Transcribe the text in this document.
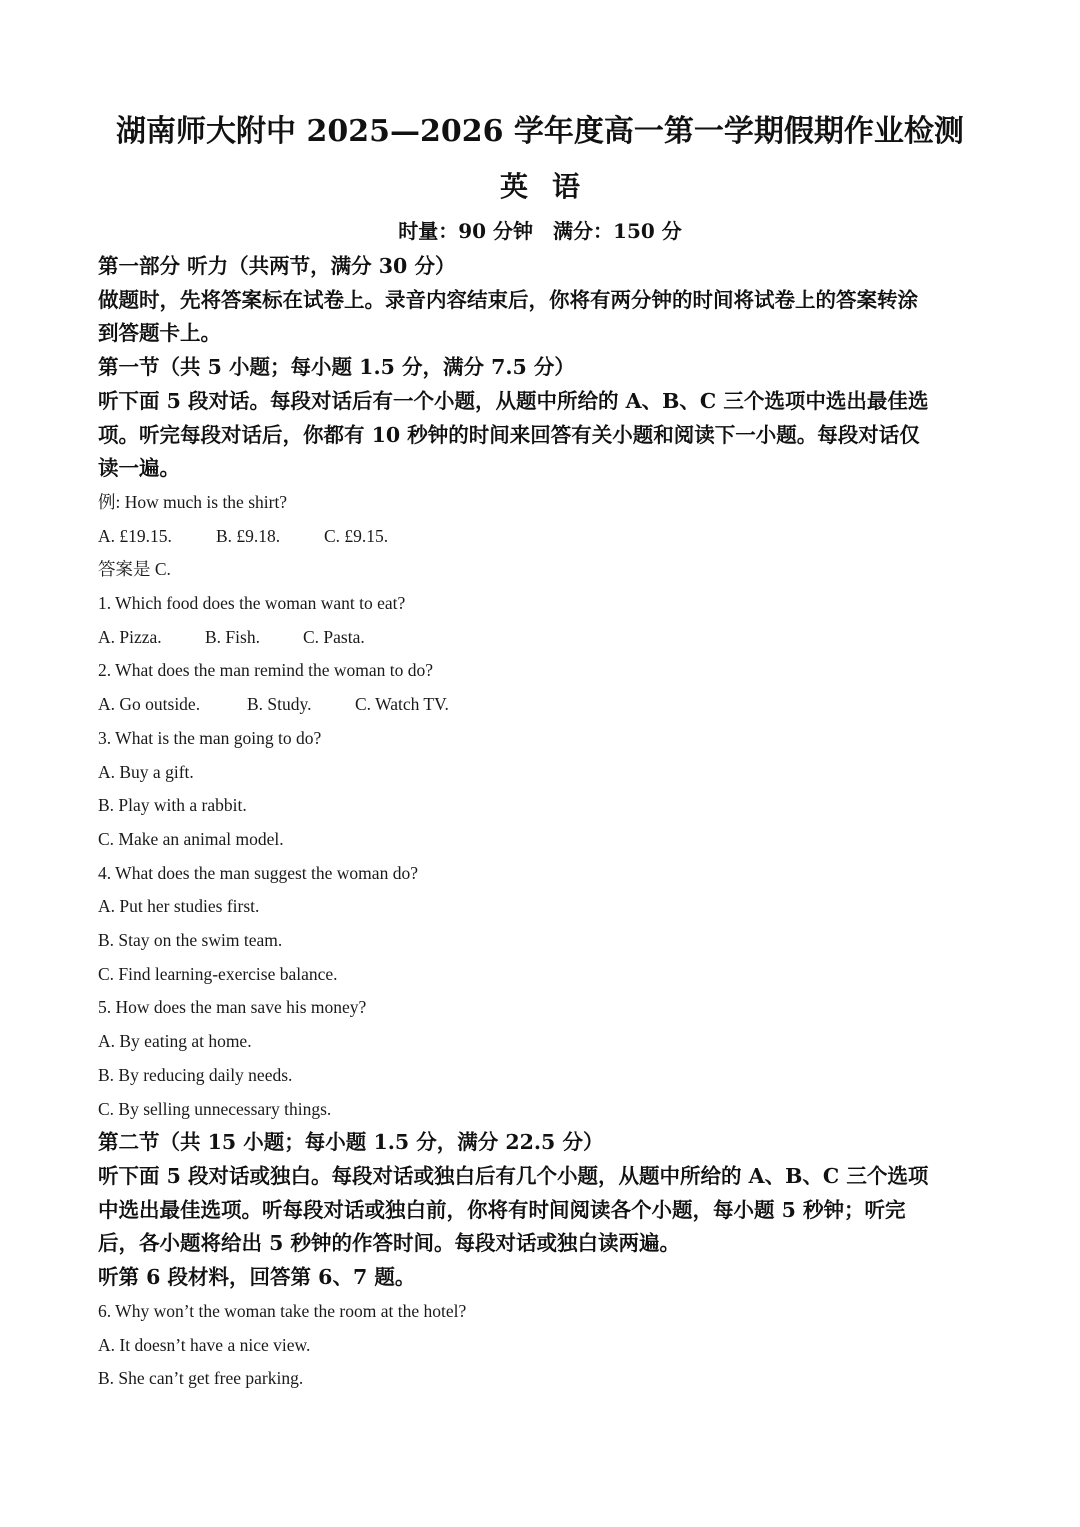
湖南师大附中 2025—2026 学年度高一第一学期假期作业检测
英语
时量：90 分钟　满分：150 分
第一部分 听力（共两节，满分 30 分）
做题时，先将答案标在试卷上。录音内容结束后，你将有两分钟的时间将试卷上的答案转涂
到答题卡上。
第一节（共 5 小题；每小题 1.5 分，满分 7.5 分）
听下面 5 段对话。每段对话后有一个小题，从题中所给的 A、B、C 三个选项中选出最佳选
项。听完每段对话后，你都有 10 秒钟的时间来回答有关小题和阅读下一小题。每段对话仅
读一遍。
例: How much is the shirt?
A. £19.15.	B. £9.18.	C. £9.15.
答案是 C.
1. Which food does the woman want to eat?
A. Pizza. B. Fish. C. Pasta.
2. What does the man remind the woman to do?
A. Go outside.	B. Study. C. Watch TV.
3. What is the man going to do?
A. Buy a gift.
B. Play with a rabbit.
C. Make an animal model.
4. What does the man suggest the woman do?
A. Put her studies first.
B. Stay on the swim team.
C. Find learning-exercise balance.
5. How does the man save his money?
A. By eating at home.
B. By reducing daily needs.
C. By selling unnecessary things.
第二节（共 15 小题；每小题 1.5 分，满分 22.5 分）
听下面 5 段对话或独白。每段对话或独白后有几个小题，从题中所给的 A、B、C 三个选项
中选出最佳选项。听每段对话或独白前，你将有时间阅读各个小题，每小题 5 秒钟；听完
后，各小题将给出 5 秒钟的作答时间。每段对话或独白读两遍。
听第 6 段材料，回答第 6、7 题。
6. Why won’t the woman take the room at the hotel?
A. It doesn’t have a nice view.
B. She can’t get free parking.
